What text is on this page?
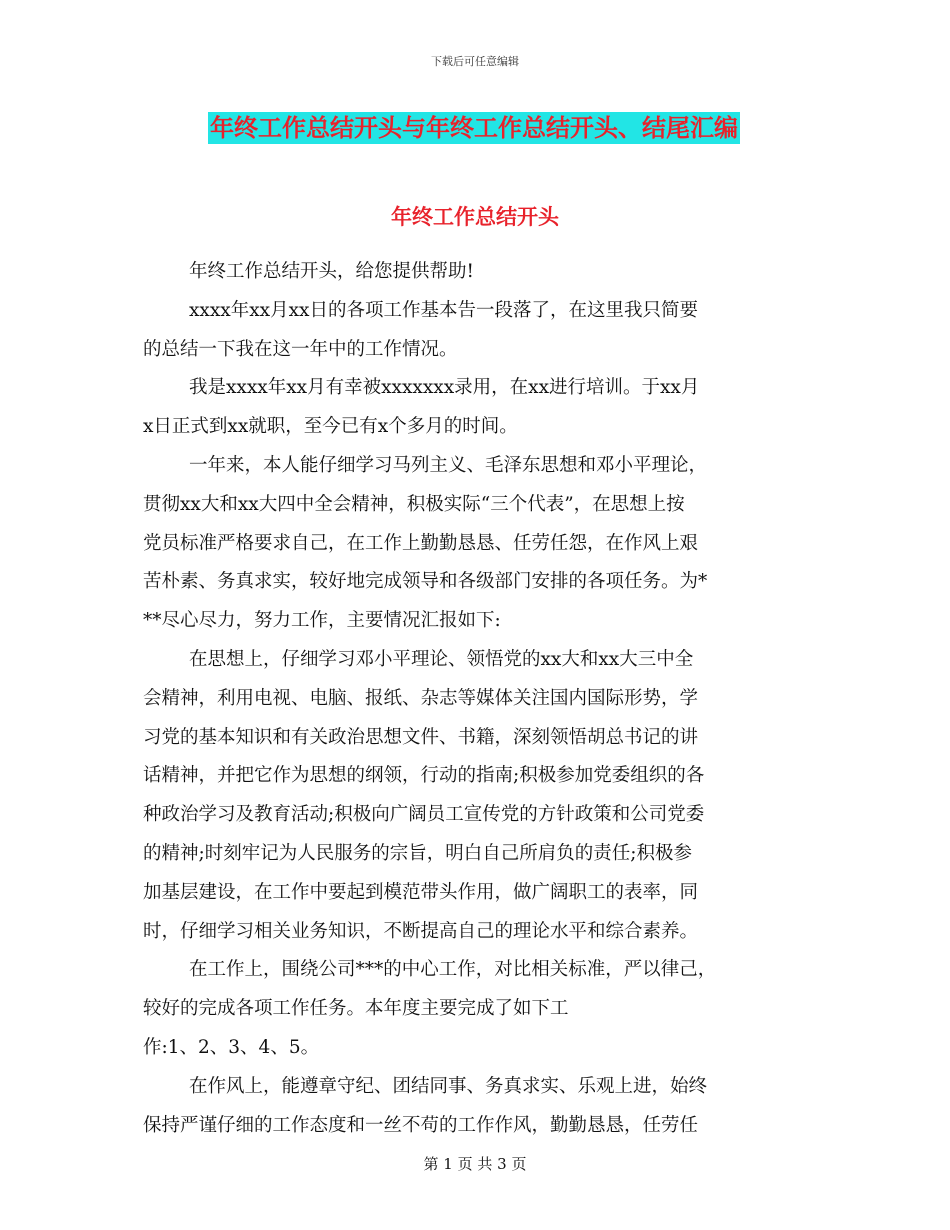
下载后可任意编辑
年终工作总结开头与年终工作总结开头、结尾汇编
年终工作总结开头
年终工作总结开头，给您提供帮助!
xxxx年xx月xx日的各项工作基本告一段落了，在这里我只简要
的总结一下我在这一年中的工作情况。
我是xxxx年xx月有幸被xxxxxxx录用，在xx进行培训。于xx月
x日正式到xx就职，至今已有x个多月的时间。
一年来，本人能仔细学习马列主义、毛泽东思想和邓小平理论，
贯彻xx大和xx大四中全会精神，积极实际“三个代表”，在思想上按
党员标准严格要求自己，在工作上勤勤恳恳、任劳任怨，在作风上艰
苦朴素、务真求实，较好地完成领导和各级部门安排的各项任务。为*
**尽心尽力，努力工作，主要情况汇报如下:
在思想上，仔细学习邓小平理论、领悟党的xx大和xx大三中全
会精神，利用电视、电脑、报纸、杂志等媒体关注国内国际形势，学
习党的基本知识和有关政治思想文件、书籍，深刻领悟胡总书记的讲
话精神，并把它作为思想的纲领，行动的指南;积极参加党委组织的各
种政治学习及教育活动;积极向广阔员工宣传党的方针政策和公司党委
的精神;时刻牢记为人民服务的宗旨，明白自己所肩负的责任;积极参
加基层建设，在工作中要起到模范带头作用，做广阔职工的表率，同
时，仔细学习相关业务知识，不断提高自己的理论水平和综合素养。
在工作上，围绕公司***的中心工作，对比相关标准，严以律己，
较好的完成各项工作任务。本年度主要完成了如下工
作:1、2、3、4、5。
在作风上，能遵章守纪、团结同事、务真求实、乐观上进，始终
保持严谨仔细的工作态度和一丝不苟的工作作风，勤勤恳恳，任劳任
第 1 页 共 3 页
